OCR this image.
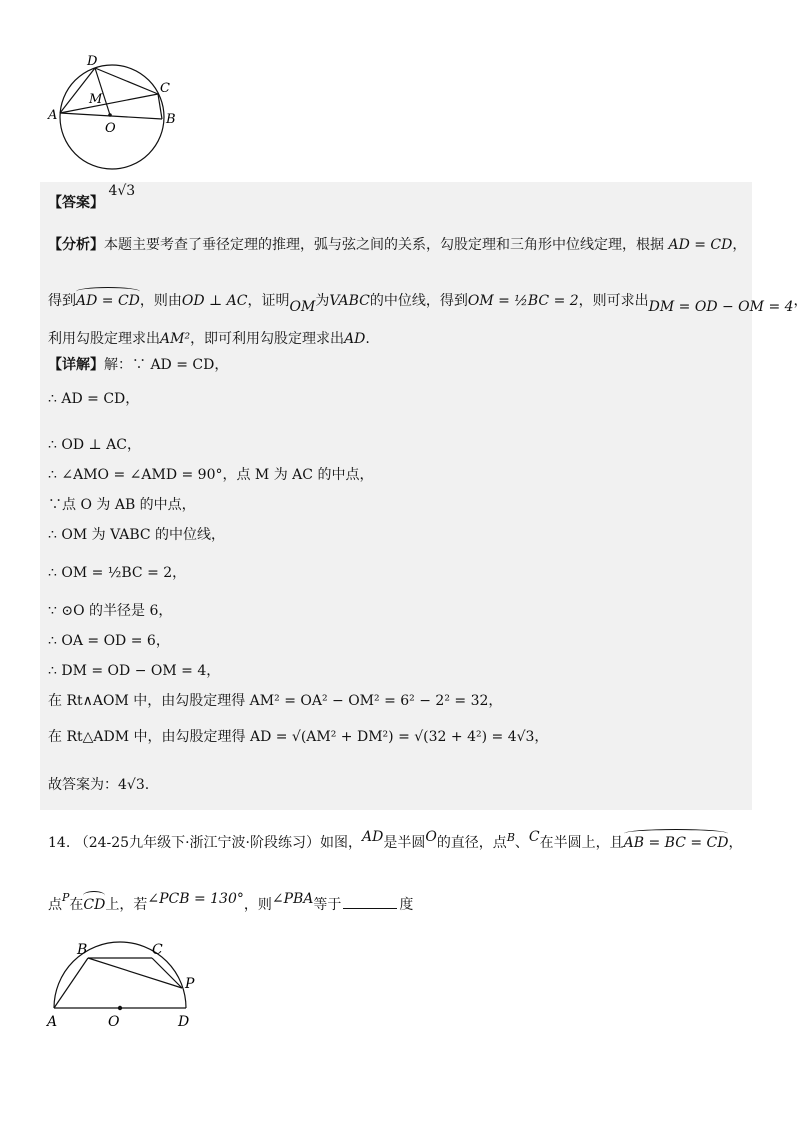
D
C
M
A
O
B
【答案】 4√3
【分析】本题主要考查了垂径定理的推理，弧与弦之间的关系，勾股定理和三角形中位线定理，根据 AD = CD，
得到AD = CD，则由OD ⊥ AC，证明OM为VABC的中位线，得到OM = ½BC = 2，则可求出DM = OD − OM = 4，
利用勾股定理求出AM²，即可利用勾股定理求出AD.
【详解】解：∵ AD = CD，
∴ AD = CD，
∴ OD ⊥ AC，
∴ ∠AMO = ∠AMD = 90°，点 M 为 AC 的中点，
∵点 O 为 AB 的中点，
∴ OM 为 VABC 的中位线，
∴ OM = ½BC = 2，
∵ ⊙O 的半径是 6，
∴ OA = OD = 6，
∴ DM = OD − OM = 4，
在 Rt∧AOM 中，由勾股定理得 AM² = OA² − OM² = 6² − 2² = 32，
在 Rt△ADM 中，由勾股定理得 AD = √(AM² + DM²) = √(32 + 4²) = 4√3，
故答案为：4√3.
14. （24-25九年级下·浙江宁波·阶段练习）如图，AD是半圆O的直径，点$^B$、C在半圆上，且AB = BC = CD，
点$^P$在CD上，若∠PCB = 130°，则∠PBA等于	度
B	C
P
A	O	D
